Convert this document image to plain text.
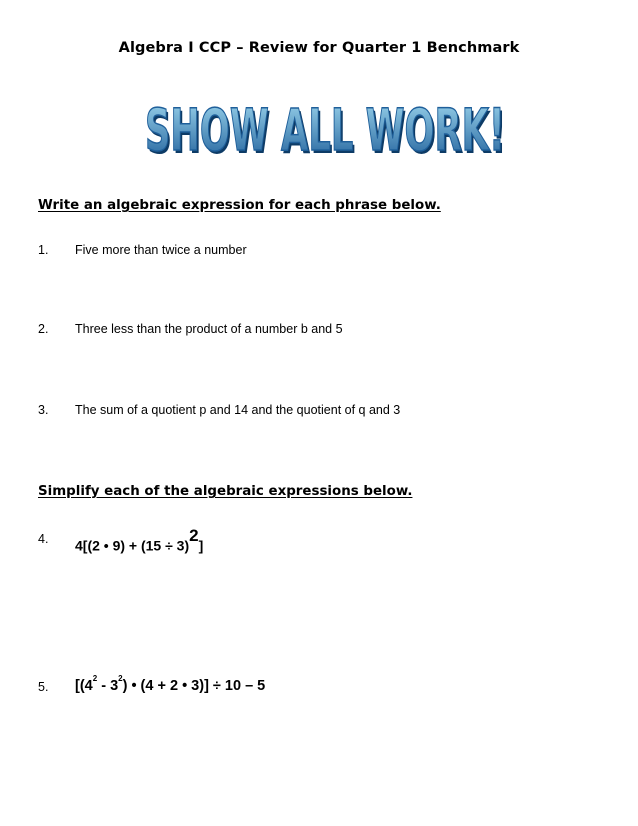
Algebra I CCP – Review for Quarter 1 Benchmark
SHOW ALL WORK!
SHOW ALL WORK!
Write an algebraic expression for each phrase below.
1. Five more than twice a number
2. Three less than the product of a number b and 5
3. The sum of a quotient p and 14 and the quotient of q and 3
Simplify each of the algebraic expressions below.
4. 4[(2 • $9) + (15 \div 3)^2$]
5. [$(4^2 - 3^2)$ • (4 + 2 • 3)] ÷ 10 – 5
